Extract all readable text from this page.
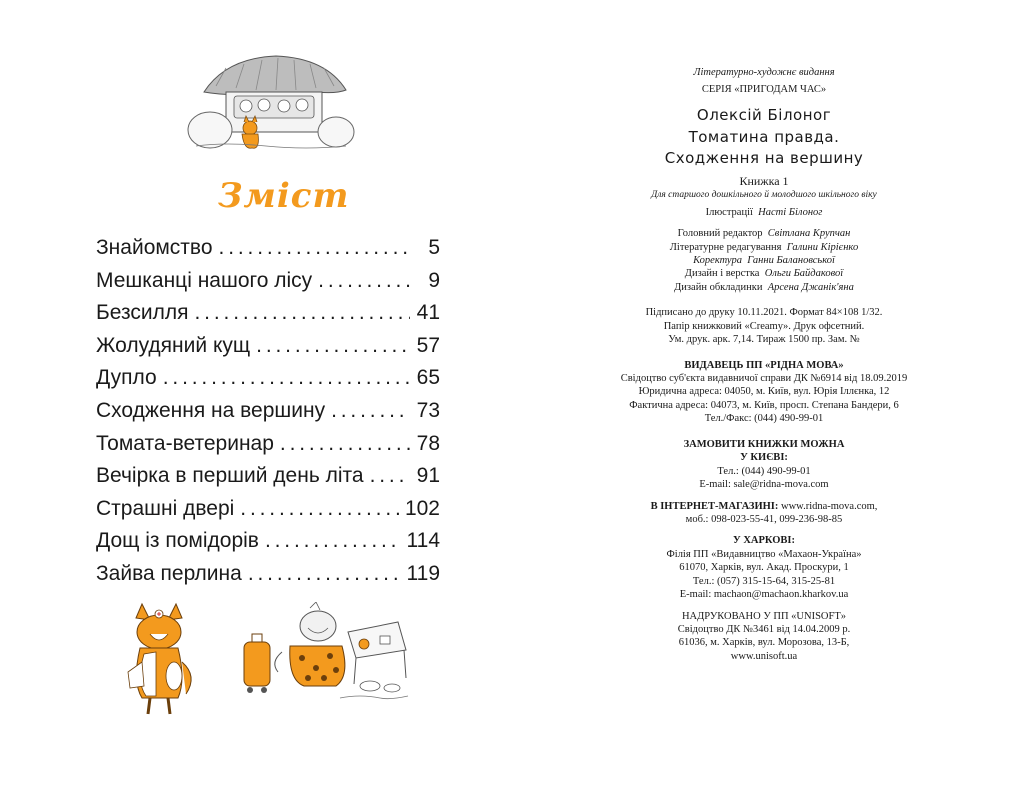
Зміст
Знайомство . . .	5
Мешканці нашого лісу . . .	9
Безсилля . . .	41
Жолудяний кущ . . .	57
Дупло . . .	65
Сходження на вершину . . .	73
Томата-ветеринар . . .	78
Вечірка в перший день літа . . .	91
Страшні двері . . .	102
Дощ із помідорів . . .	114
Зайва перлина . . .	119
Літературно-художнє видання
СЕРІЯ «ПРИГОДАМ ЧАС»
Олексій Білоног
Томатина правда.
Сходження на вершину
Книжка 1
Для старшого дошкільного й молодшого шкільного віку
Ілюстрації Насті Білоног
Головний редактор Світлана Крупчан
Літературне редагування Галини Кірієнко
Коректура Ганни Балановської
Дизайн і верстка Ольги Байдакової
Дизайн обкладинки Арсена Джанік'яна
Підписано до друку 10.11.2021. Формат 84×108 1/32.
Папір книжковий «Creamy». Друк офсетний.
Ум. друк. арк. 7,14. Тираж 1500 пр. Зам. №
ВИДАВЕЦЬ ПП «РІДНА МОВА»
Свідоцтво суб'єкта видавничої справи ДК №6914 від 18.09.2019
Юридична адреса: 04050, м. Київ, вул. Юрія Іллєнка, 12
Фактична адреса: 04073, м. Київ, просп. Степана Бандери, 6
Тел./Факс: (044) 490-99-01
ЗАМОВИТИ КНИЖКИ МОЖНА
У КИЄВІ:
Тел.: (044) 490-99-01
E-mail: sale@ridna-mova.com
В ІНТЕРНЕТ-МАГАЗИНІ: www.ridna-mova.com,
моб.: 098-023-55-41, 099-236-98-85
У ХАРКОВІ:
Філія ПП «Видавництво «Махаон-Україна»
61070, Харків, вул. Акад. Проскури, 1
Тел.: (057) 315-15-64, 315-25-81
E-mail: machaon@machaon.kharkov.ua
НАДРУКОВАНО У ПП «UNISOFT»
Свідоцтво ДК №3461 від 14.04.2009 р.
61036, м. Харків, вул. Морозова, 13-Б,
www.unisoft.ua
